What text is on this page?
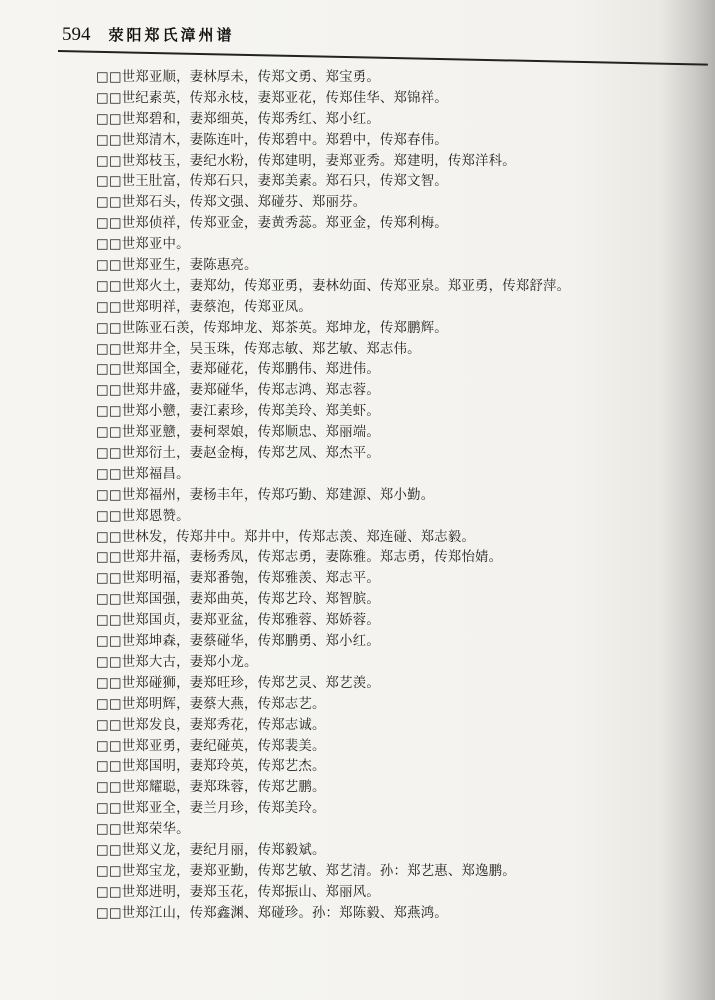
594 荥阳郑氏漳州谱
□□世郑亚顺，妻林厚未，传郑文勇、郑宝勇。
□□世纪素英，传郑永枝，妻郑亚花，传郑佳华、郑锦祥。
□□世郑碧和，妻郑细英，传郑秀红、郑小红。
□□世郑清木，妻陈连叶，传郑碧中。郑碧中，传郑春伟。
□□世郑枝玉，妻纪水粉，传郑建明，妻郑亚秀。郑建明，传郑洋科。
□□世王肚富，传郑石只，妻郑美素。郑石只，传郑文智。
□□世郑石头，传郑文强、郑碰芬、郑丽芬。
□□世郑侦祥，传郑亚金，妻黄秀蕊。郑亚金，传郑利梅。
□□世郑亚中。
□□世郑亚生，妻陈惠亮。
□□世郑火土，妻郑幼，传郑亚勇，妻林幼面、传郑亚泉。郑亚勇，传郑舒萍。
□□世郑明祥，妻蔡泡，传郑亚凤。
□□世陈亚石羡，传郑坤龙、郑茶英。郑坤龙，传郑鹏辉。
□□世郑井全，吴玉珠，传郑志敏、郑艺敏、郑志伟。
□□世郑国全，妻郑碰花，传郑鹏伟、郑进伟。
□□世郑井盛，妻郑碰华，传郑志鸿、郑志蓉。
□□世郑小戆，妻江素珍，传郑美玲、郑美虾。
□□世郑亚戆，妻柯翠娘，传郑顺忠、郑丽端。
□□世郑衍土，妻赵金梅，传郑艺凤、郑杰平。
□□世郑福昌。
□□世郑福州，妻杨丰年，传郑巧勤、郑建源、郑小勤。
□□世郑恩赞。
□□世林发，传郑井中。郑井中，传郑志羡、郑连碰、郑志毅。
□□世郑井福，妻杨秀凤，传郑志勇，妻陈雅。郑志勇，传郑怡婧。
□□世郑明福，妻郑番匏，传郑雅羡、郑志平。
□□世郑国强，妻郑曲英，传郑艺玲、郑智膑。
□□世郑国贞，妻郑亚盆，传郑雅蓉、郑娇蓉。
□□世郑坤森，妻蔡碰华，传郑鹏勇、郑小红。
□□世郑大古，妻郑小龙。
□□世郑碰狮，妻郑旺珍，传郑艺灵、郑艺羡。
□□世郑明辉，妻蔡大燕，传郑志艺。
□□世郑发良，妻郑秀花，传郑志诚。
□□世郑亚勇，妻纪碰英，传郑裴美。
□□世郑国明，妻郑玲英，传郑艺杰。
□□世郑耀聪，妻郑珠蓉，传郑艺鹏。
□□世郑亚全，妻兰月珍，传郑美玲。
□□世郑荣华。
□□世郑义龙，妻纪月丽，传郑毅斌。
□□世郑宝龙，妻郑亚勤，传郑艺敏、郑艺清。孙：郑艺惠、郑逸鹏。
□□世郑进明，妻郑玉花，传郑振山、郑丽风。
□□世郑江山，传郑鑫渊、郑碰珍。孙：郑陈毅、郑燕鸿。
